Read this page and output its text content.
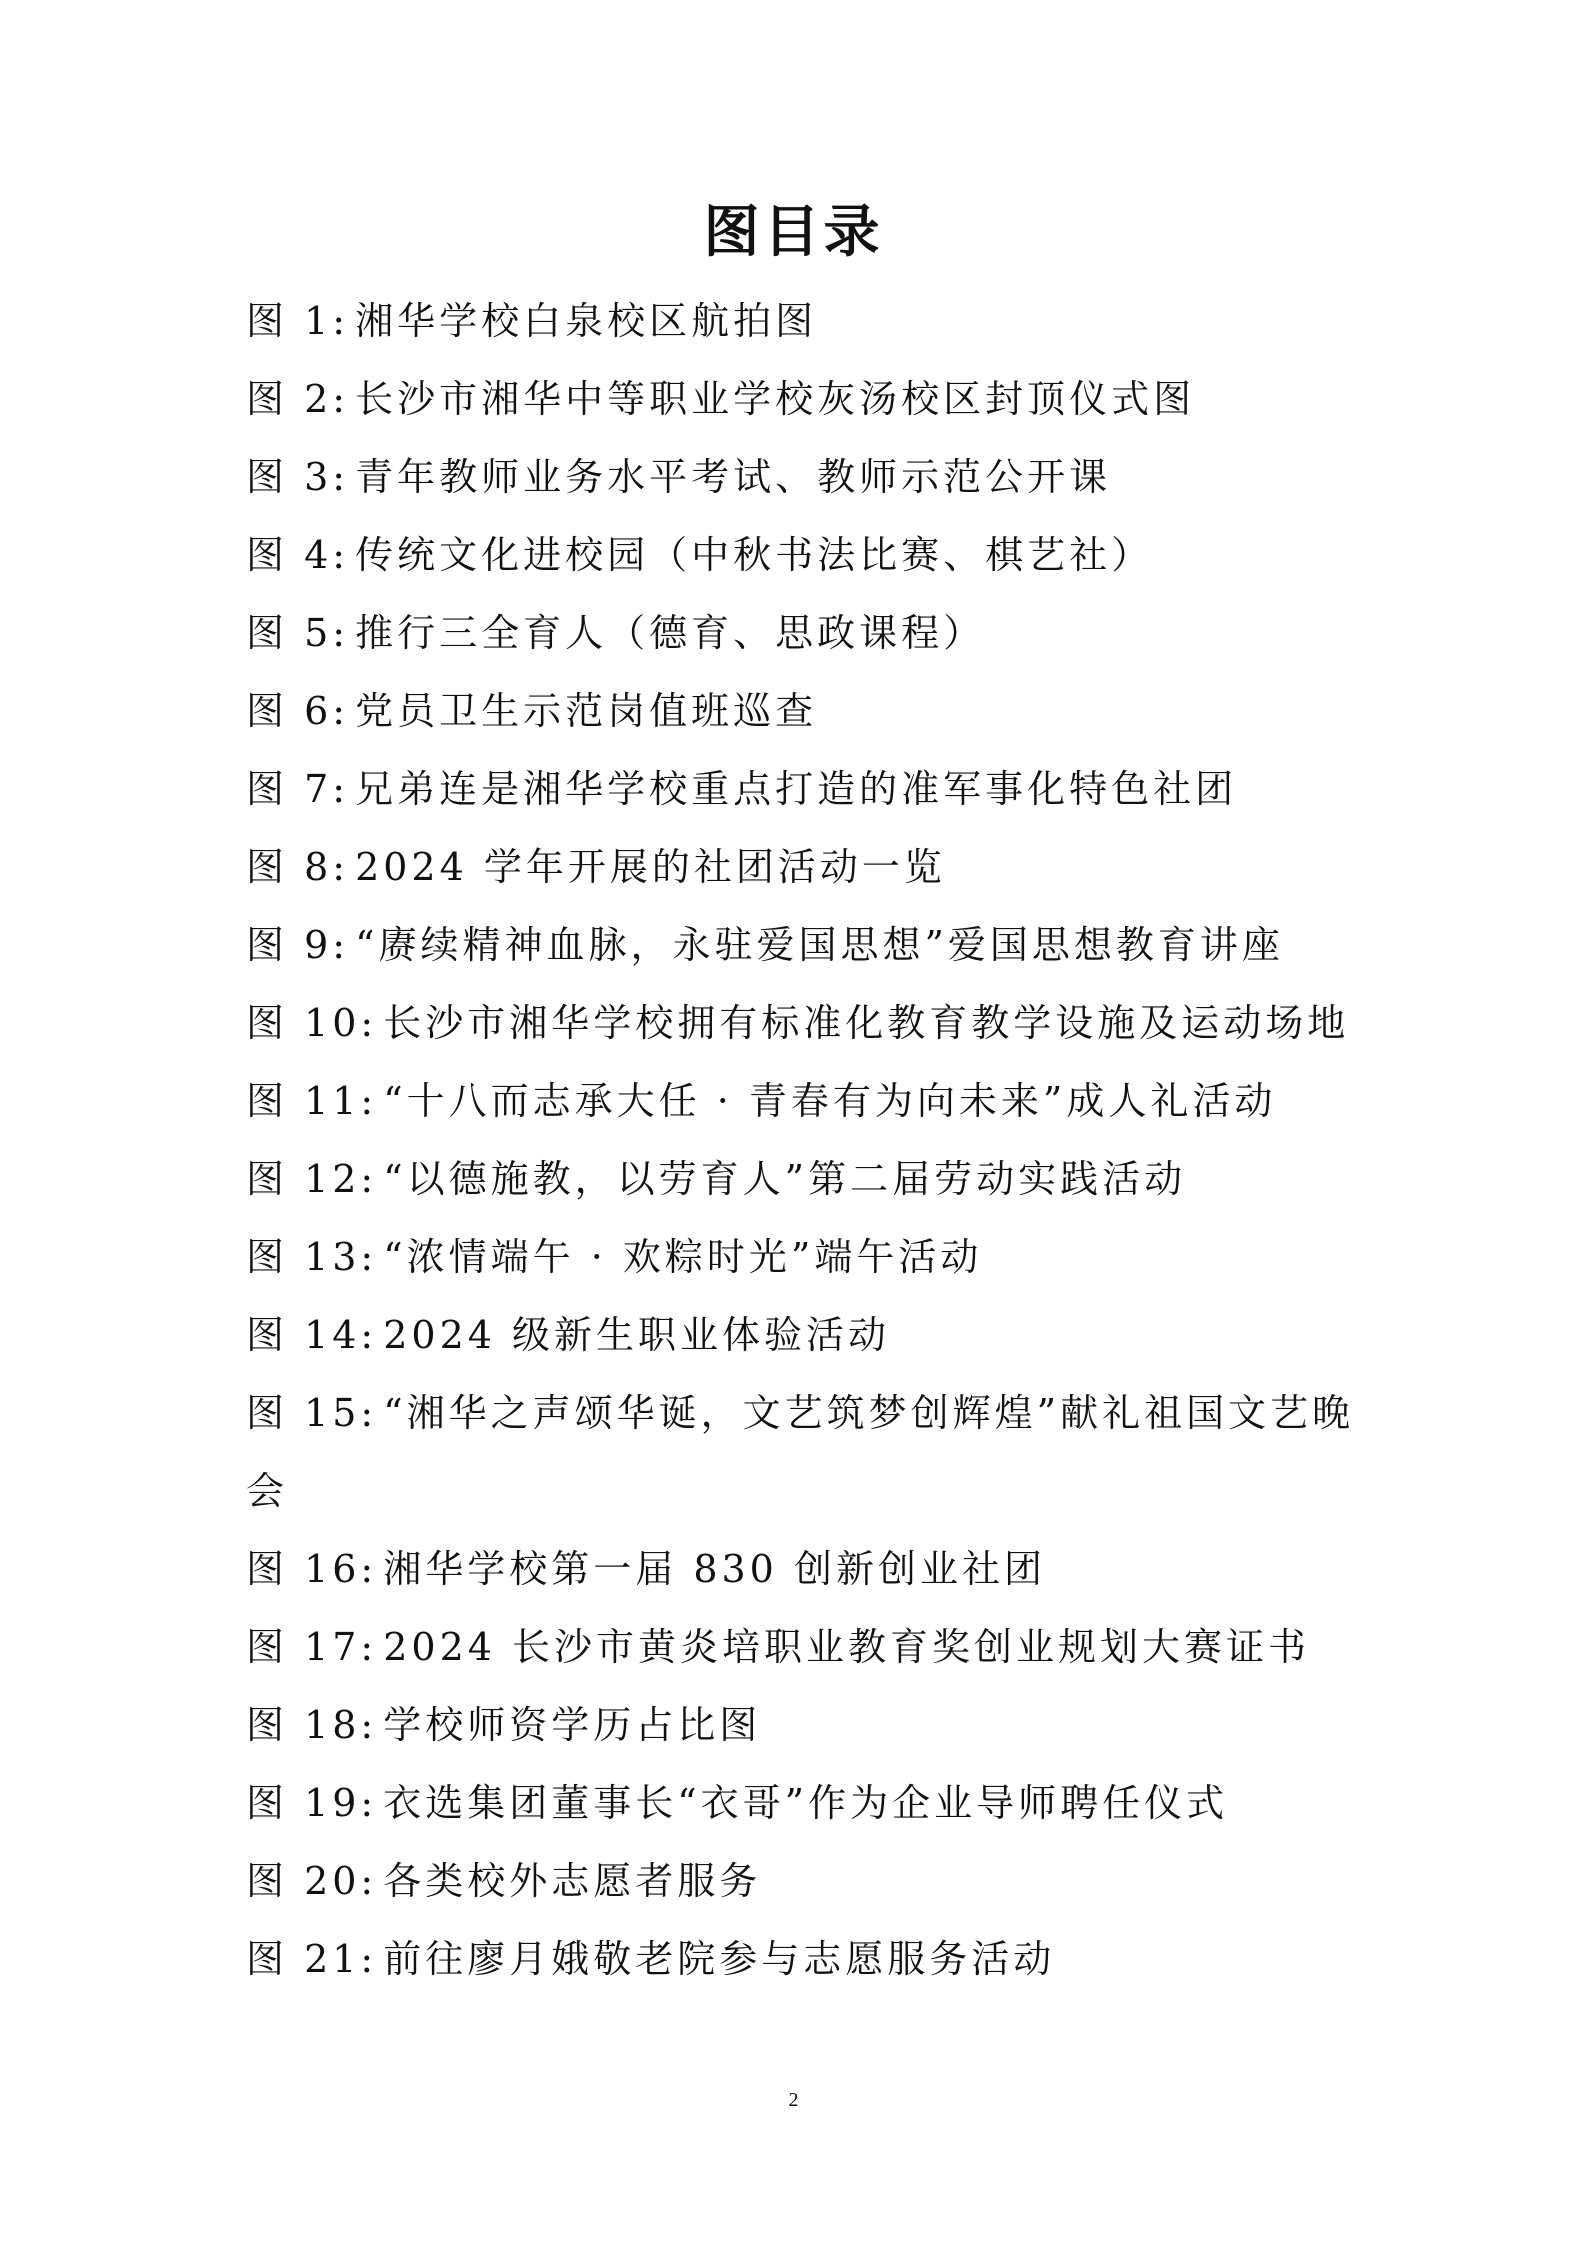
图目录
图 1: 湘华学校白泉校区航拍图
图 2: 长沙市湘华中等职业学校灰汤校区封顶仪式图
图 3: 青年教师业务水平考试、教师示范公开课
图 4: 传统文化进校园（中秋书法比赛、棋艺社）
图 5: 推行三全育人（德育、思政课程）
图 6: 党员卫生示范岗值班巡查
图 7: 兄弟连是湘华学校重点打造的准军事化特色社团
图 8: 2024 学年开展的社团活动一览
图 9: “赓续精神血脉，永驻爱国思想”爱国思想教育讲座
图 10: 长沙市湘华学校拥有标准化教育教学设施及运动场地
图 11: “十八而志承大任 · 青春有为向未来”成人礼活动
图 12: “以德施教，以劳育人”第二届劳动实践活动
图 13: “浓情端午 · 欢粽时光”端午活动
图 14: 2024 级新生职业体验活动
图 15: “湘华之声颂华诞，文艺筑梦创辉煌”献礼祖国文艺晚会
图 16: 湘华学校第一届 830 创新创业社团
图 17: 2024 长沙市黄炎培职业教育奖创业规划大赛证书
图 18: 学校师资学历占比图
图 19: 衣选集团董事长“衣哥”作为企业导师聘任仪式
图 20: 各类校外志愿者服务
图 21: 前往廖月娥敬老院参与志愿服务活动
2
